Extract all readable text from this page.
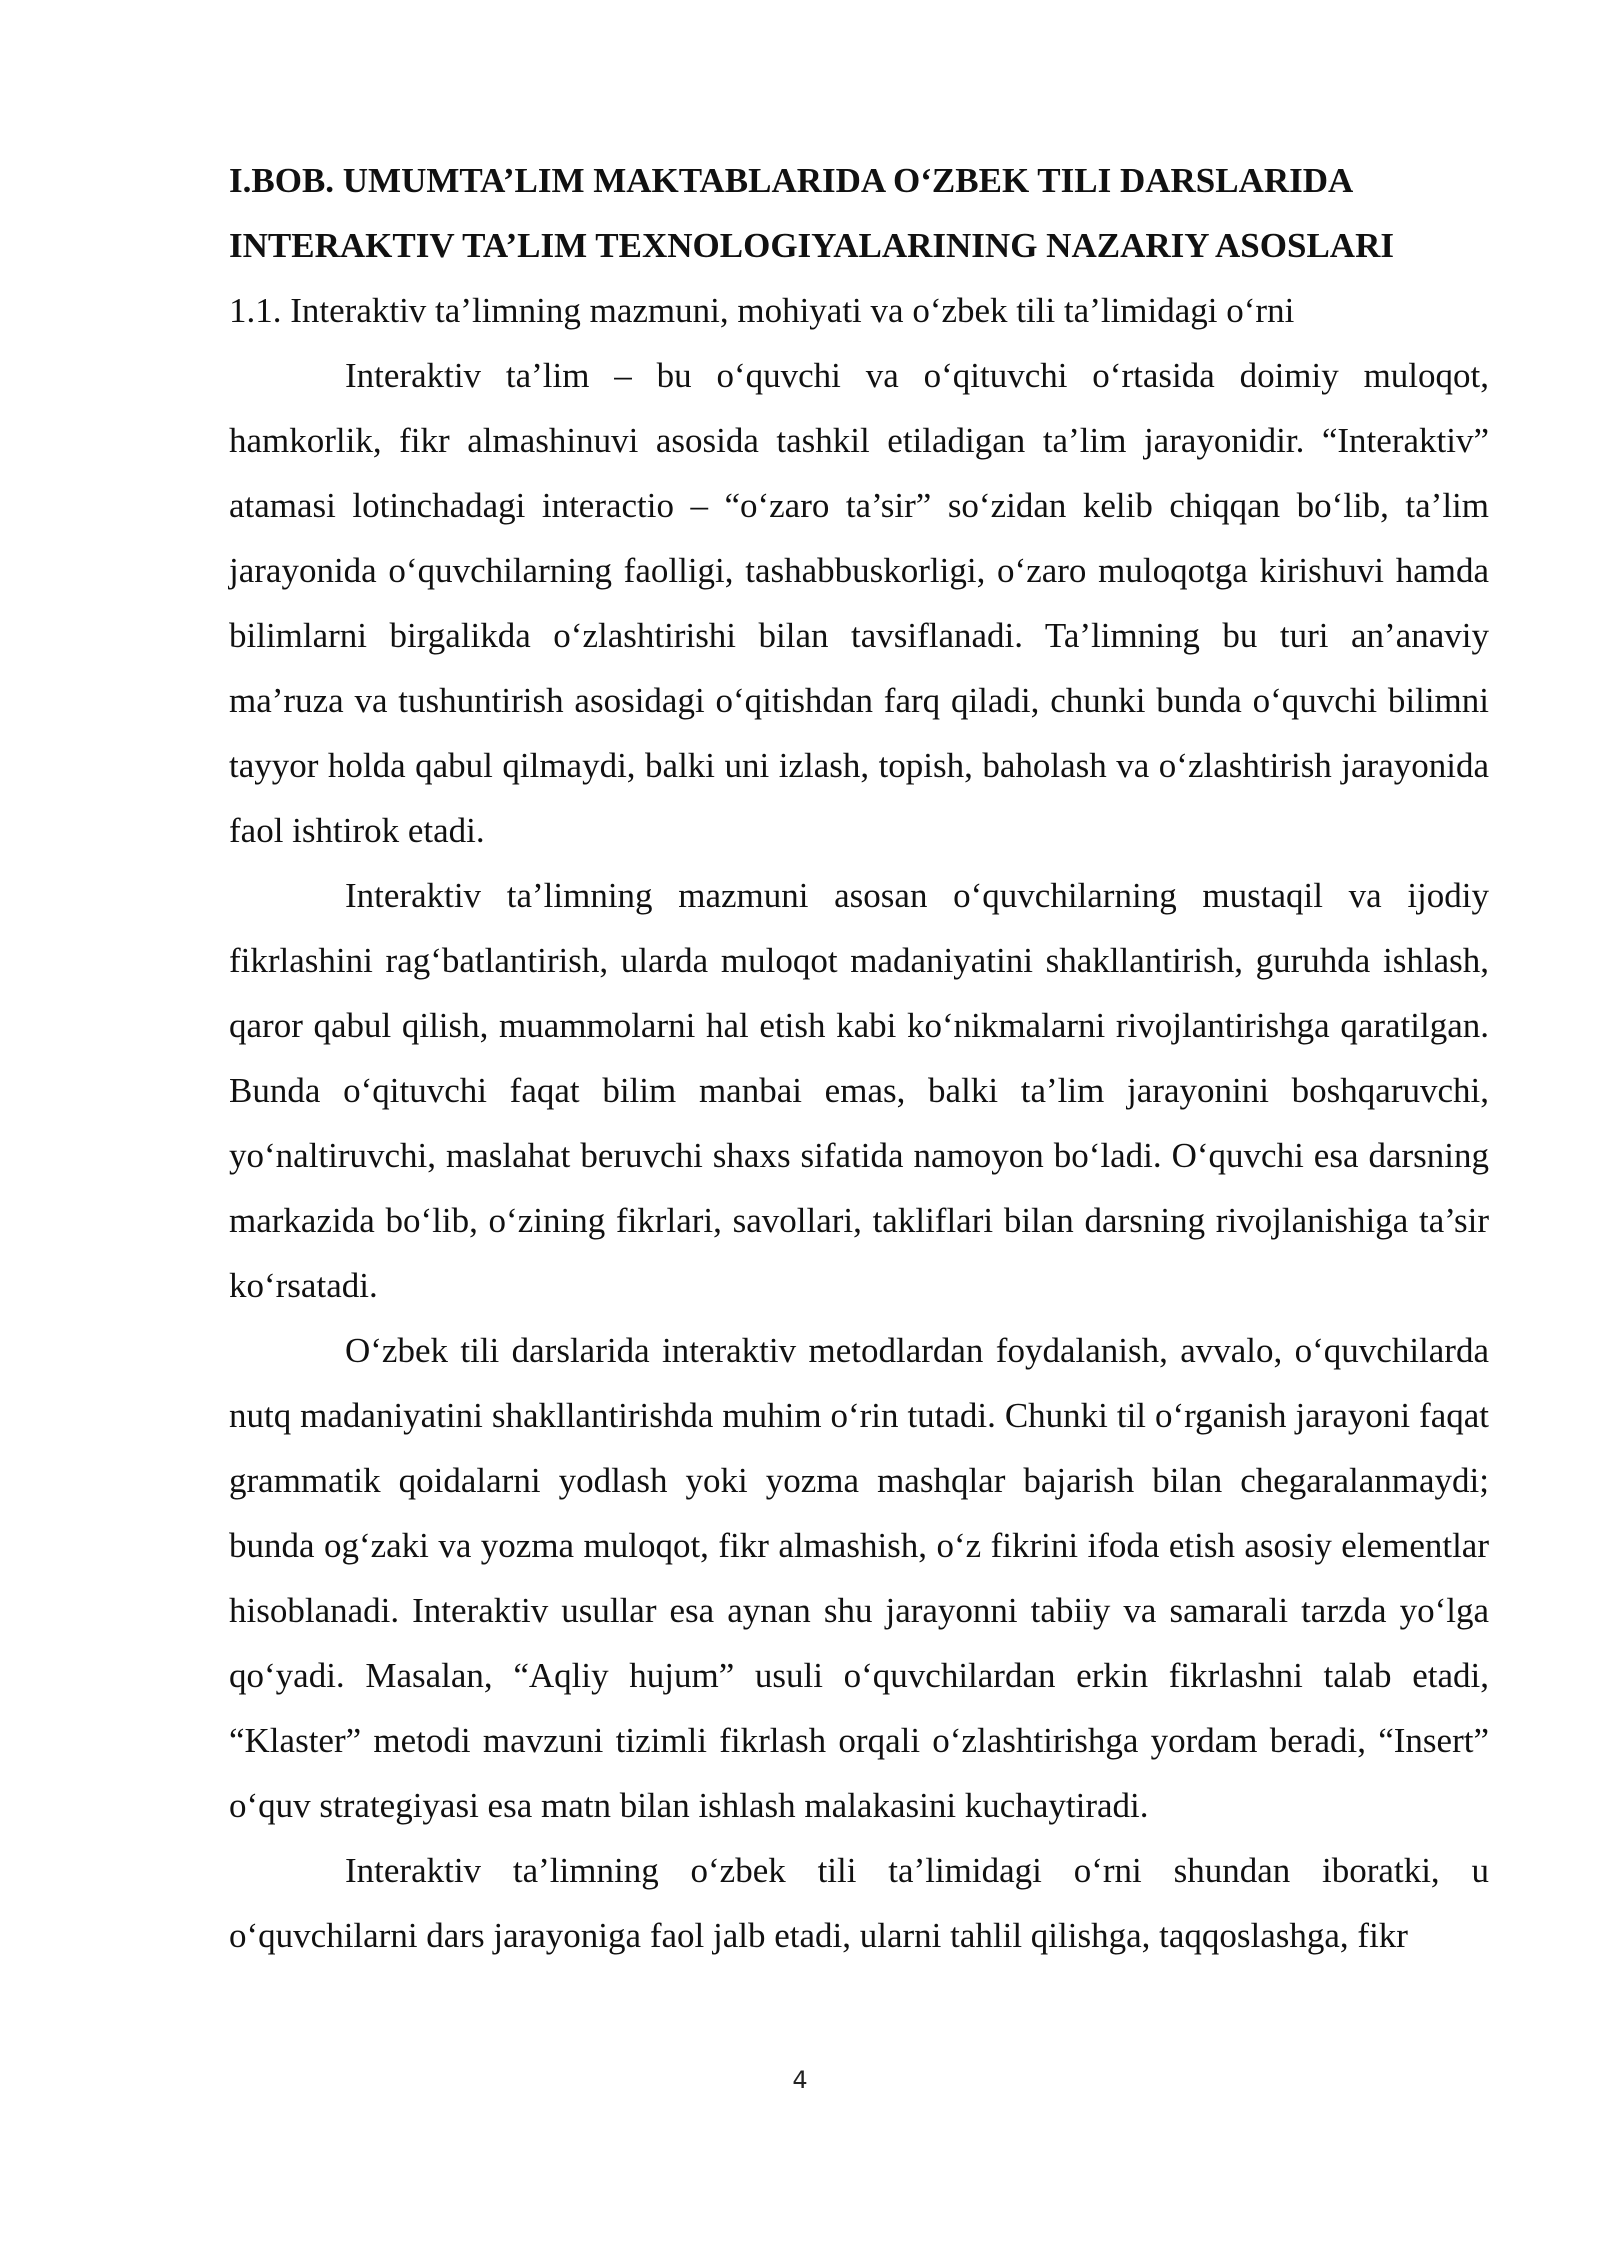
I.BOB. UMUMTA’LIM MAKTABLARIDA O‘ZBEK TILI DARSLARIDA INTERAKTIV TA’LIM TEXNOLOGIYALARINING NAZARIY ASOSLARI
1.1. Interaktiv ta’limning mazmuni, mohiyati va o‘zbek tili ta’limidagi o‘rni

Interaktiv ta’lim – bu o‘quvchi va o‘qituvchi o‘rtasida doimiy muloqot, hamkorlik, fikr almashinuvi asosida tashkil etiladigan ta’lim jarayonidir. “Interaktiv” atamasi lotinchadagi interactio – “o‘zaro ta’sir” so‘zidan kelib chiqqan bo‘lib, ta’lim jarayonida o‘quvchilarning faolligi, tashabbuskorligi, o‘zaro muloqotga kirishuvi hamda bilimlarni birgalikda o‘zlashtirishi bilan tavsiflanadi. Ta’limning bu turi an’anaviy ma’ruza va tushuntirish asosidagi o‘qitishdan farq qiladi, chunki bunda o‘quvchi bilimni tayyor holda qabul qilmaydi, balki uni izlash, topish, baholash va o‘zlashtirish jarayonida faol ishtirok etadi.

Interaktiv ta’limning mazmuni asosan o‘quvchilarning mustaqil va ijodiy fikrlashini rag‘batlantirish, ularda muloqot madaniyatini shakllantirish, guruhda ishlash, qaror qabul qilish, muammolarni hal etish kabi ko‘nikmalarni rivojlantirishga qaratilgan. Bunda o‘qituvchi faqat bilim manbai emas, balki ta’lim jarayonini boshqaruvchi, yo‘naltiruvchi, maslahat beruvchi shaxs sifatida namoyon bo‘ladi. O‘quvchi esa darsning markazida bo‘lib, o‘zining fikrlari, savollari, takliflari bilan darsning rivojlanishiga ta’sir ko‘rsatadi.

O‘zbek tili darslarida interaktiv metodlardan foydalanish, avvalo, o‘quvchilarda nutq madaniyatini shakllantirishda muhim o‘rin tutadi. Chunki til o‘rganish jarayoni faqat grammatik qoidalarni yodlash yoki yozma mashqlar bajarish bilan chegaralanmaydi; bunda og‘zaki va yozma muloqot, fikr almashish, o‘z fikrini ifoda etish asosiy elementlar hisoblanadi. Interaktiv usullar esa aynan shu jarayonni tabiiy va samarali tarzda yo‘lga qo‘yadi. Masalan, “Aqliy hujum” usuli o‘quvchilardan erkin fikrlashni talab etadi, “Klaster” metodi mavzuni tizimli fikrlash orqali o‘zlashtirishga yordam beradi, “Insert” o‘quv strategiyasi esa matn bilan ishlash malakasini kuchaytiradi.

Interaktiv ta’limning o‘zbek tili ta’limidagi o‘rni shundan iboratki, u o‘quvchilarni dars jarayoniga faol jalb etadi, ularni tahlil qilishga, taqqoslashga, fikr

4
